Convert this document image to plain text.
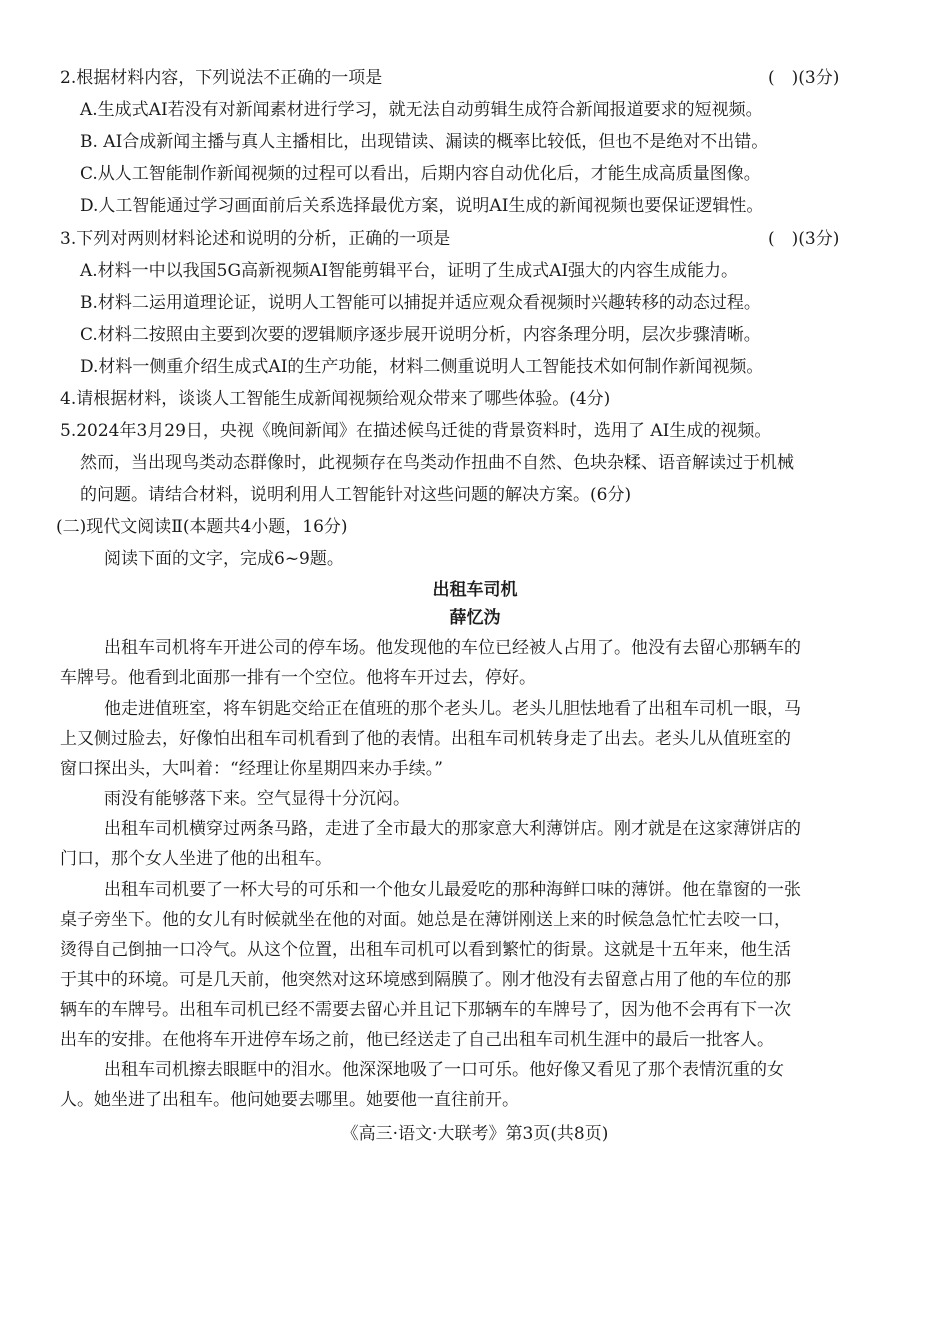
2.根据材料内容，下列说法不正确的一项是	(　)(3分)
A.生成式AI若没有对新闻素材进行学习，就无法自动剪辑生成符合新闻报道要求的短视频。
B. AI合成新闻主播与真人主播相比，出现错读、漏读的概率比较低，但也不是绝对不出错。
C.从人工智能制作新闻视频的过程可以看出，后期内容自动优化后，才能生成高质量图像。
D.人工智能通过学习画面前后关系选择最优方案，说明AI生成的新闻视频也要保证逻辑性。
3.下列对两则材料论述和说明的分析，正确的一项是	(　)(3分)
A.材料一中以我国5G高新视频AI智能剪辑平台，证明了生成式AI强大的内容生成能力。
B.材料二运用道理论证，说明人工智能可以捕捉并适应观众看视频时兴趣转移的动态过程。
C.材料二按照由主要到次要的逻辑顺序逐步展开说明分析，内容条理分明，层次步骤清晰。
D.材料一侧重介绍生成式AI的生产功能，材料二侧重说明人工智能技术如何制作新闻视频。
4.请根据材料，谈谈人工智能生成新闻视频给观众带来了哪些体验。(4分)
5.2024年3月29日，央视《晚间新闻》在描述候鸟迁徙的背景资料时，选用了 AI生成的视频。
然而，当出现鸟类动态群像时，此视频存在鸟类动作扭曲不自然、色块杂糅、语音解读过于机械
的问题。请结合材料，说明利用人工智能针对这些问题的解决方案。(6分)
(二)现代文阅读Ⅱ(本题共4小题，16分)
阅读下面的文字，完成6~9题。
出租车司机
薛忆沩
出租车司机将车开进公司的停车场。他发现他的车位已经被人占用了。他没有去留心那辆车的
车牌号。他看到北面那一排有一个空位。他将车开过去，停好。
他走进值班室，将车钥匙交给正在值班的那个老头儿。老头儿胆怯地看了出租车司机一眼，马
上又侧过脸去，好像怕出租车司机看到了他的表情。出租车司机转身走了出去。老头儿从值班室的
窗口探出头，大叫着：“经理让你星期四来办手续。”
雨没有能够落下来。空气显得十分沉闷。
出租车司机横穿过两条马路，走进了全市最大的那家意大利薄饼店。刚才就是在这家薄饼店的
门口，那个女人坐进了他的出租车。
出租车司机要了一杯大号的可乐和一个他女儿最爱吃的那种海鲜口味的薄饼。他在靠窗的一张
桌子旁坐下。他的女儿有时候就坐在他的对面。她总是在薄饼刚送上来的时候急急忙忙去咬一口，
烫得自己倒抽一口冷气。从这个位置，出租车司机可以看到繁忙的街景。这就是十五年来，他生活
于其中的环境。可是几天前，他突然对这环境感到隔膜了。刚才他没有去留意占用了他的车位的那
辆车的车牌号。出租车司机已经不需要去留心并且记下那辆车的车牌号了，因为他不会再有下一次
出车的安排。在他将车开进停车场之前，他已经送走了自己出租车司机生涯中的最后一批客人。
出租车司机擦去眼眶中的泪水。他深深地吸了一口可乐。他好像又看见了那个表情沉重的女
人。她坐进了出租车。他问她要去哪里。她要他一直往前开。
《高三·语文·大联考》第3页(共8页)
